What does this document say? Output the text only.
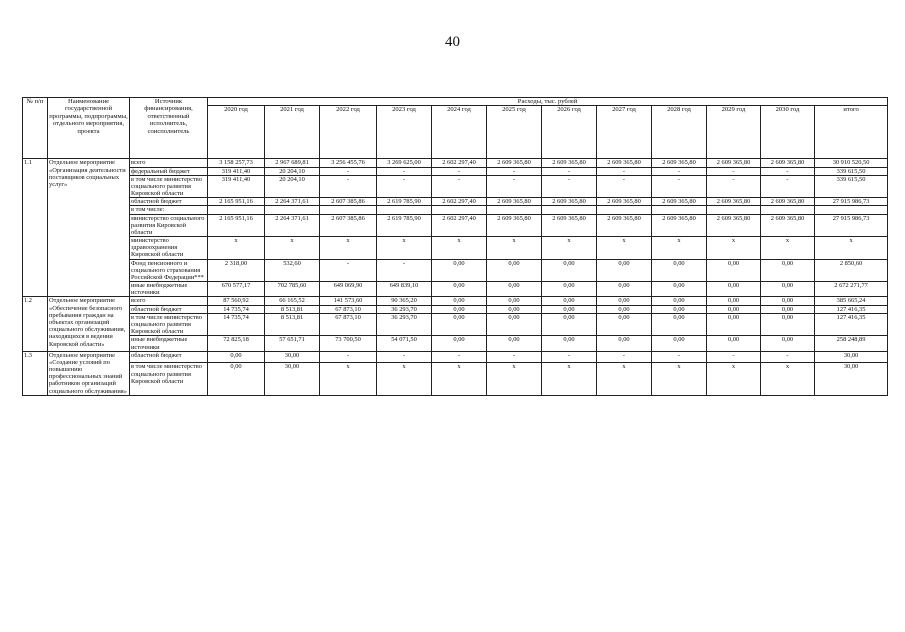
40
№ п/п	Наименование государственной программы, подпрограммы, отдельного мероприятия, проекта	Источник финансирования, ответственный исполнитель, соисполнитель	Расходы, тыс. рублей											
			2020 год	2021 год	2022 год	2023 год	2024 год	2025 год	2026 год	2027 год	2028 год	2029 год	2030 год	итого
1.1	Отдельное мероприятие «Организация деятельности поставщиков социальных услуг»	всего	3 158 257,73	2 967 689,81	3 256 455,76	3 269 625,00	2 602 297,40	2 609 365,80	2 609 365,80	2 609 365,80	2 609 365,80	2 609 365,80	2 609 365,80	30 910 520,50
		федеральный бюджет	319 411,40	20 204,10	-	-	-	-	-	-	-	-	-	339 615,50
		в том числе министерство социального развития Кировской области	319 411,40	20 204,10	-	-	-	-	-	-	-	-	-	339 615,50
		областной бюджет	2 165 951,16	2 264 371,61	2 607 385,86	2 619 785,90	2 602 297,40	2 609 365,80	2 609 365,80	2 609 365,80	2 609 365,80	2 609 365,80	2 609 365,80	27 915 986,73
		в том числе:												
		министерство социального развития Кировской области	2 165 951,16	2 264 371,61	2 607 385,86	2 619 785,90	2 602 297,40	2 609 365,80	2 609 365,80	2 609 365,80	2 609 365,80	2 609 365,80	2 609 365,80	27 915 986,73
		министерство здравоохранения Кировской области	x	x	x	x	x	x	x	x	x	x	x	x
		Фонд пенсионного и социального страхования Российской Федерации***	2 318,00	532,60	-	-	0,00	0,00	0,00	0,00	0,00	0,00	0,00	2 850,60
		иные внебюджетные источники	670 577,17	702 785,60	649 069,90	649 839,10	0,00	0,00	0,00	0,00	0,00	0,00	0,00	2 672 271,77
1.2	Отдельное мероприятие «Обеспечение безопасного пребывания граждан на объектах организаций социального обслуживания, находящихся в ведении Кировской области»	всего	87 560,92	66 165,52	141 573,60	90 365,20	0,00	0,00	0,00	0,00	0,00	0,00	0,00	385 665,24
		областной бюджет	14 735,74	8 513,81	67 873,10	36 293,70	0,00	0,00	0,00	0,00	0,00	0,00	0,00	127 416,35
		в том числе министерство социального развития Кировской области	14 735,74	8 513,81	67 873,10	36 293,70	0,00	0,00	0,00	0,00	0,00	0,00	0,00	127 416,35
		иные внебюджетные источники	72 825,18	57 651,71	73 700,50	54 071,50	0,00	0,00	0,00	0,00	0,00	0,00	0,00	258 248,89
1.3	Отдельное мероприятие «Создание условий по повышению профессиональных знаний работников организаций социального обслуживания»	областной бюджет	0,00	30,00	-	-	-	-	-	-	-	-	-	30,00
		в том числе министерство социального развития Кировской области	0,00	30,00	x	x	x	x	x	x	x	x	x	30,00
